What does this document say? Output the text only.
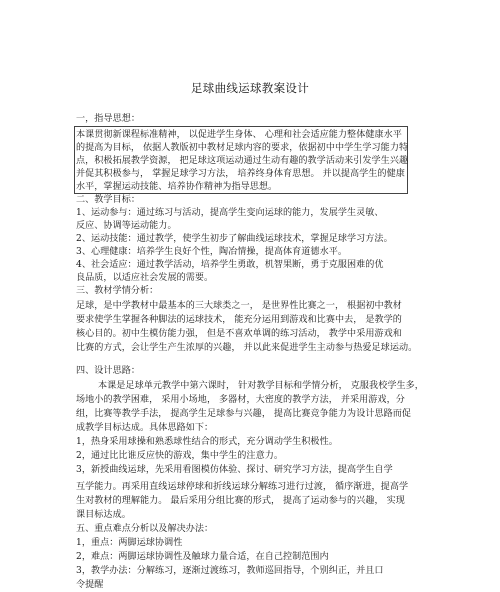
足球曲线运球教案设计
一，指导思想：
本课贯彻新课程标准精神， 以促进学生身体、 心理和社会适应能力整体健康水平
的提高为目标， 依据人教版初中教材足球内容的要求，依据初中中学生学习能力特
点，积极拓展教学资源， 把足球这项运动通过生动有趣的教学活动来引发学生兴趣
并促其积极参与， 掌握足球学习方法， 培养终身体育思想。 并以提高学生的健康
水平，掌握运动技能、培养协作精神为指导思想。
二、教学目标：
1、运动参与：通过练习与活动，提高学生变向运球的能力，发展学生灵敏、
反应、协调等运动能力。
2、运动技能：通过教学，使学生初步了解曲线运球技术，掌握足球学习方法。
3、心理健康：培养学生良好个性，陶冶情操，提高体育道德水平。
4、社会适应：通过教学活动，培养学生勇敢，机智果断，勇于克服困难的优
良品质，以适应社会发展的需要。
三、教材学情分析：
足球，是中学教材中最基本的三大球类之一， 是世界性比赛之一， 根据初中教材
要求使学生掌握各种脚法的运球技术， 能充分运用到游戏和比赛中去， 是教学的
核心目的。初中生模仿能力强， 但是不喜欢单调的练习活动， 教学中采用游戏和
比赛的方式，会让学生产生浓厚的兴趣， 并以此来促进学生主动参与热爱足球运动。
四、设计思路：
本课是足球单元教学中第六课时， 针对教学目标和学情分析， 克服我校学生多，
场地小的教学困难， 采用小场地， 多器材，大密度的教学方法， 并采用游戏，分
组，比赛等教学手法， 提高学生足球参与兴趣， 提高比赛竞争能力为设计思路而促
成教学目标达成。具体思路如下：
1，热身采用球操和熟悉球性结合的形式，充分调动学生积极性。
2，通过比比谁反应快的游戏，集中学生的注意力。
3，新授曲线运球，先采用看图模仿体验、探讨、研究学习方法，提高学生自学
互学能力。再采用直线运球停球和折线运球分解练习进行过渡， 循序渐进，提高学
生对教材的理解能力。 最后采用分组比赛的形式， 提高了运动参与的兴趣， 实现
课目标达成。
五、重点难点分析以及解决办法：
1，重点：两脚运球协调性
2，难点：两脚运球协调性及触球力量合适，在自己控制范围内
3，教学办法：分解练习，逐渐过渡练习，教师巡回指导，个别纠正，并且口
令提醒
